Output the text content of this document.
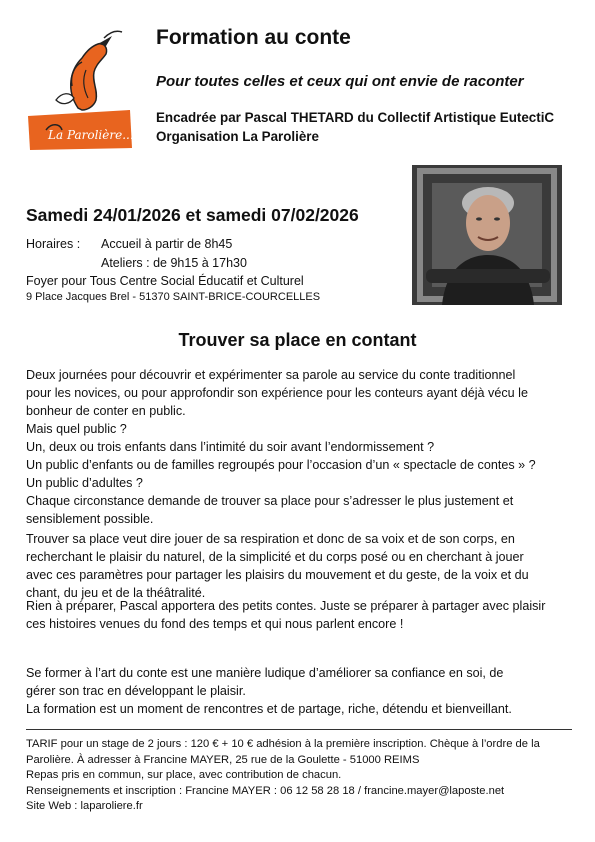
La Parolière...
Formation au conte
Pour toutes celles et ceux qui ont envie de raconter
Encadrée par Pascal THETARD du Collectif Artistique EutectiC
Organisation La Parolière
Samedi 24/01/2026 et samedi 07/02/2026
Horaires : Accueil à partir de 8h45
Ateliers : de 9h15 à 17h30
Foyer pour Tous Centre Social Éducatif et Culturel
9 Place Jacques Brel - 51370 SAINT-BRICE-COURCELLES
Trouver sa place en contant
Deux journées pour découvrir et expérimenter sa parole au service du conte traditionnel
pour les novices, ou pour approfondir son expérience pour les conteurs ayant déjà vécu le
bonheur de conter en public.
Mais quel public ?
Un, deux ou trois enfants dans l’intimité du soir avant l’endormissement ?
Un public d’enfants ou de familles regroupés pour l’occasion d’un « spectacle de contes » ?
Un public d’adultes ?
Chaque circonstance demande de trouver sa place pour s’adresser le plus justement et
sensiblement possible.
Trouver sa place veut dire jouer de sa respiration et donc de sa voix et de son corps, en
recherchant le plaisir du naturel, de la simplicité et du corps posé ou en cherchant à jouer
avec ces paramètres pour partager les plaisirs du mouvement et du geste, de la voix et du
chant, du jeu et de la théâtralité.
Rien à préparer, Pascal apportera des petits contes. Juste se préparer à partager avec plaisir
ces histoires venues du fond des temps et qui nous parlent encore !
Se former à l’art du conte est une manière ludique d’améliorer sa confiance en soi, de
gérer son trac en développant le plaisir.
La formation est un moment de rencontres et de partage, riche, détendu et bienveillant.
TARIF pour un stage de 2 jours : 120 € + 10 € adhésion à la première inscription. Chèque à l’ordre de la
Parolière. À adresser à Francine MAYER, 25 rue de la Goulette - 51000 REIMS
Repas pris en commun, sur place, avec contribution de chacun.
Renseignements et inscription : Francine MAYER : 06 12 58 28 18 / francine.mayer@laposte.net
Site Web : laparoliere.fr
